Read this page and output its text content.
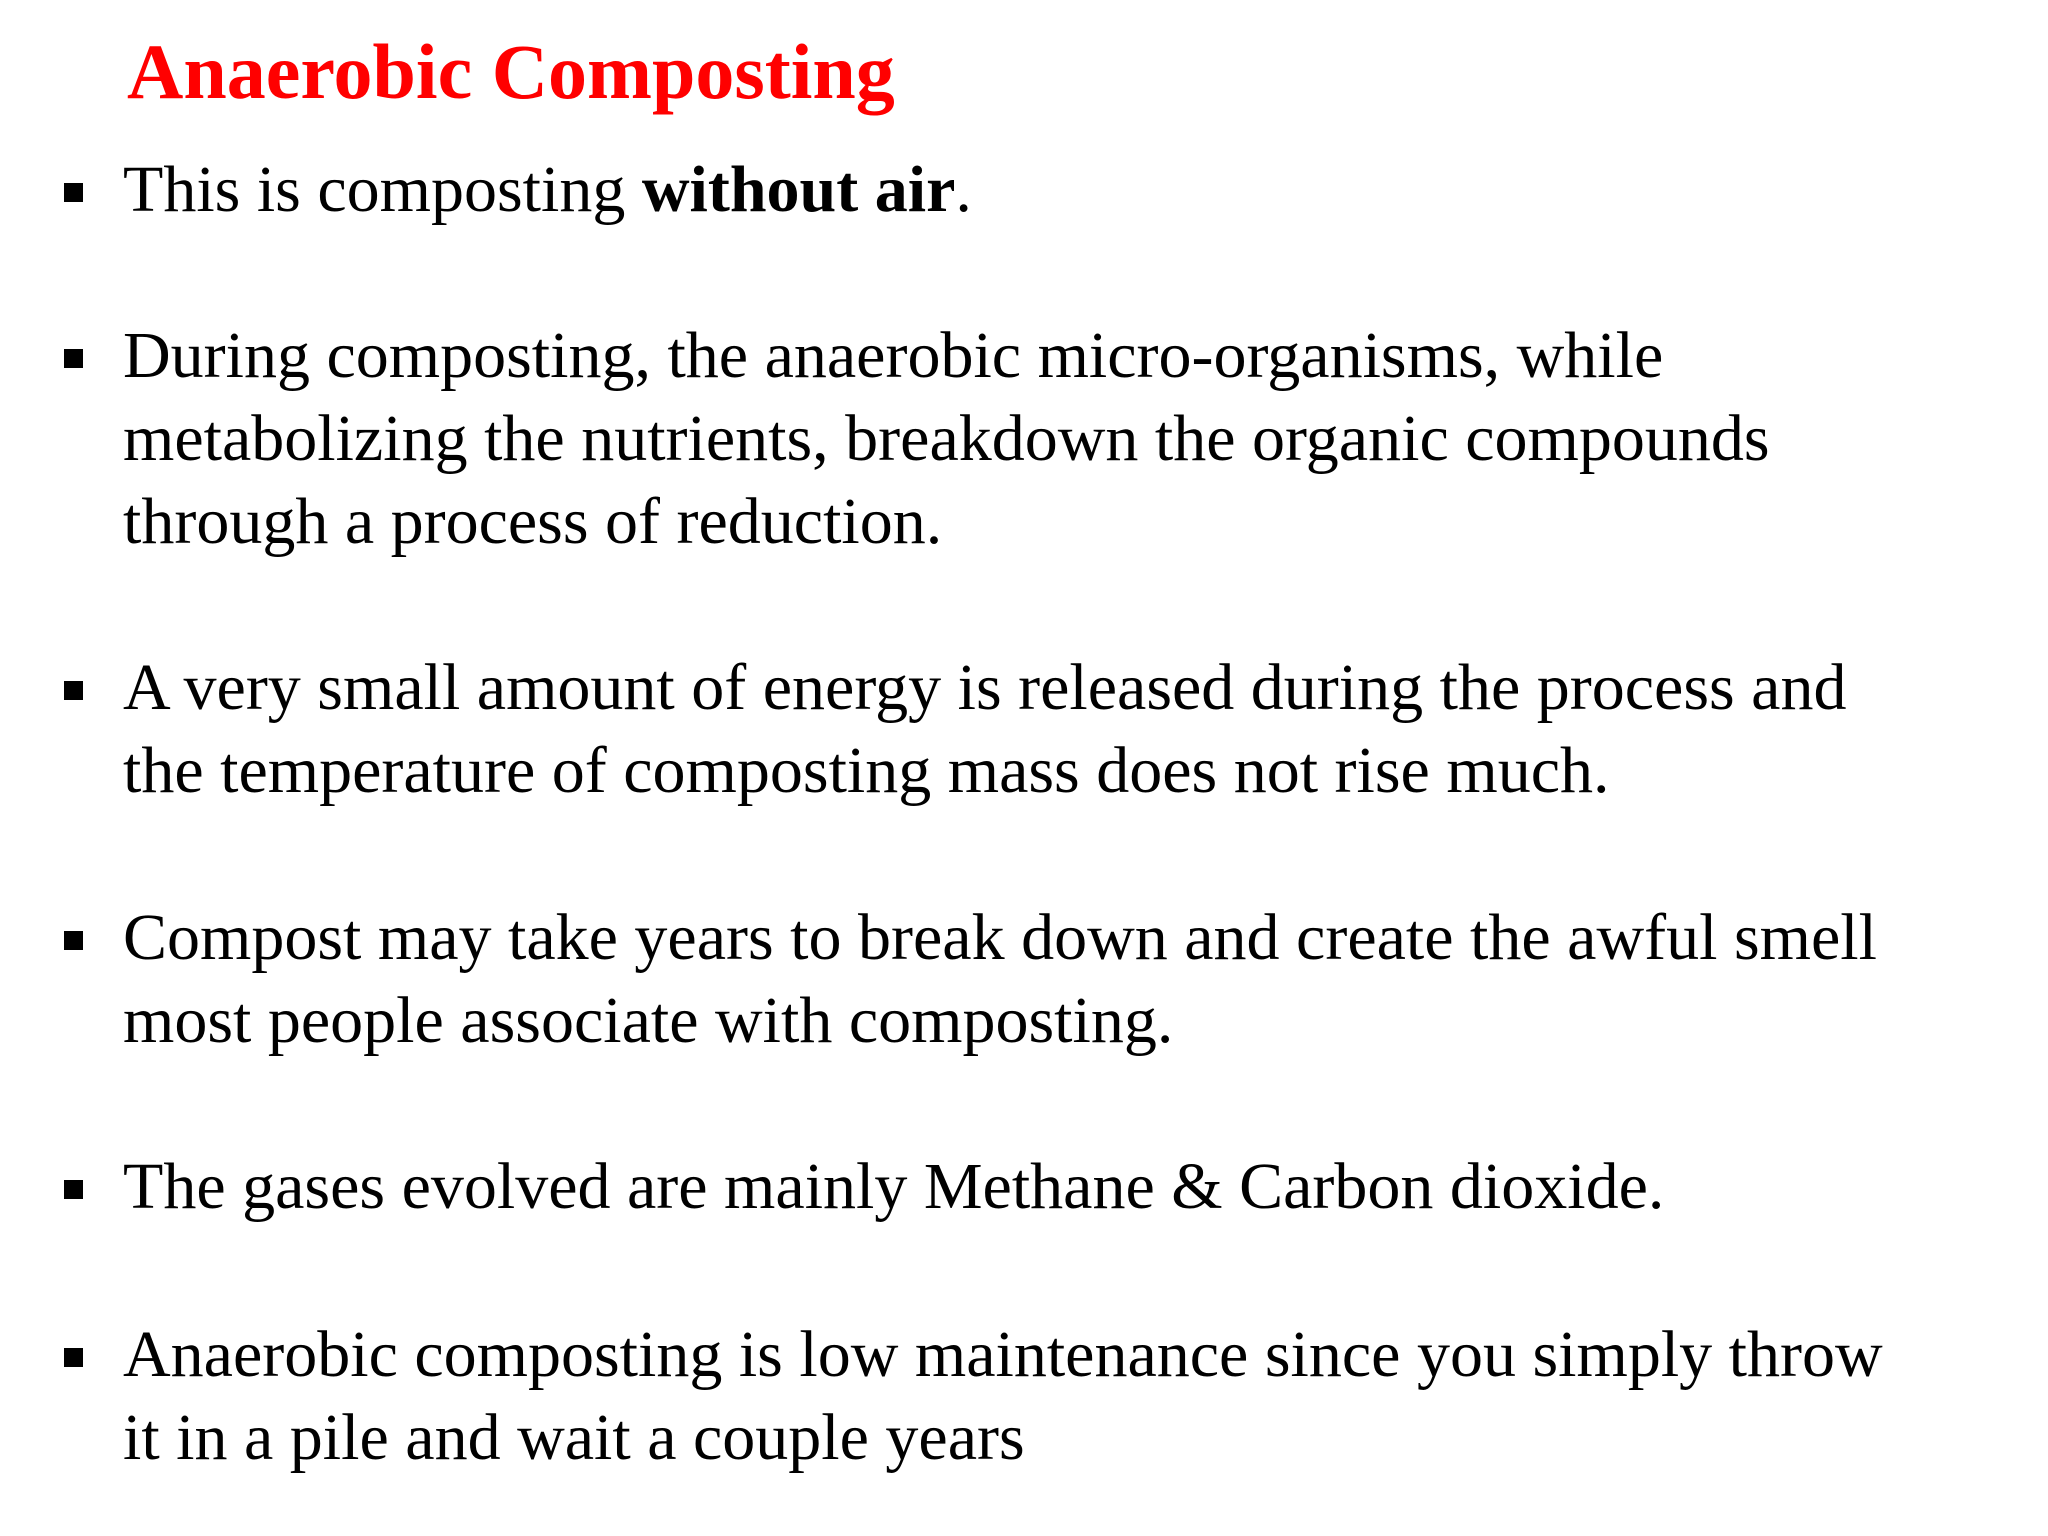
Anaerobic Composting

This is composting without air.

During composting, the anaerobic micro-organisms, while
metabolizing the nutrients, breakdown the organic compounds
through a process of reduction.

A very small amount of energy is released during the process and
the temperature of composting mass does not rise much.

Compost may take years to break down and create the awful smell
most people associate with composting.

The gases evolved are mainly Methane & Carbon dioxide.

Anaerobic composting is low maintenance since you simply throw
it in a pile and wait a couple years
